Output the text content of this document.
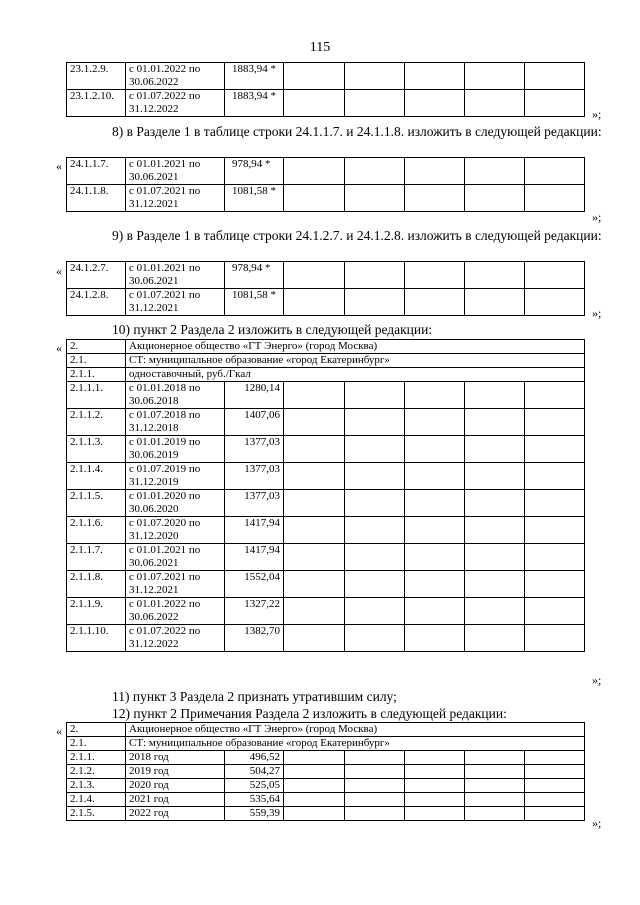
115
23.1.2.9.	с 01.01.2022 по
30.06.2022	1883,94 *					

23.1.2.10.	с 01.07.2022 по
31.12.2022	1883,94 *					
»;
8) в Разделе 1 в таблице строки 24.1.1.7. и 24.1.1.8. изложить в следующей редакции:
« 24.1.1.7.	с 01.01.2021 по
30.06.2021	978,94 *					

24.1.1.8.	с 01.07.2021 по
31.12.2021	1081,58 *					
»;
9) в Разделе 1 в таблице строки 24.1.2.7. и 24.1.2.8. изложить в следующей редакции:
« 24.1.2.7.	с 01.01.2021 по
30.06.2021	978,94 *					

24.1.2.8.	с 01.07.2021 по
31.12.2021	1081,58 *					
»;
10) пункт 2 Раздела 2 изложить в следующей редакции:
« 2.	Акционерное общество «ГТ Энерго» (город Москва)						

2.1.	СТ: муниципальное образование «город Екатеринбург»						

2.1.1.	одноставочный, руб./Гкал						

2.1.1.1.	с 01.01.2018 по
30.06.2018	1280,14					

2.1.1.2.	с 01.07.2018 по
31.12.2018	1407,06					

2.1.1.3.	с 01.01.2019 по
30.06.2019	1377,03					

2.1.1.4.	с 01.07.2019 по
31.12.2019	1377,03					

2.1.1.5.	с 01.01.2020 по
30.06.2020	1377,03					

2.1.1.6.	с 01.07.2020 по
31.12.2020	1417,94					

2.1.1.7.	с 01.01.2021 по
30.06.2021	1417,94					

2.1.1.8.	с 01.07.2021 по
31.12.2021	1552,04					

2.1.1.9.	с 01.01.2022 по
30.06.2022	1327,22					

2.1.1.10.	с 01.07.2022 по
31.12.2022	1382,70					
»;
11) пункт 3 Раздела 2 признать утратившим силу;
12) пункт 2 Примечания Раздела 2 изложить в следующей редакции:
« 2.	Акционерное общество «ГТ Энерго» (город Москва)						

2.1.	СТ: муниципальное образование «город Екатеринбург»						

2.1.1.	2018 год	496,52					

2.1.2.	2019 год	504,27					

2.1.3.	2020 год	525,05					

2.1.4.	2021 год	535,64					

2.1.5.	2022 год	559,39					

»;
